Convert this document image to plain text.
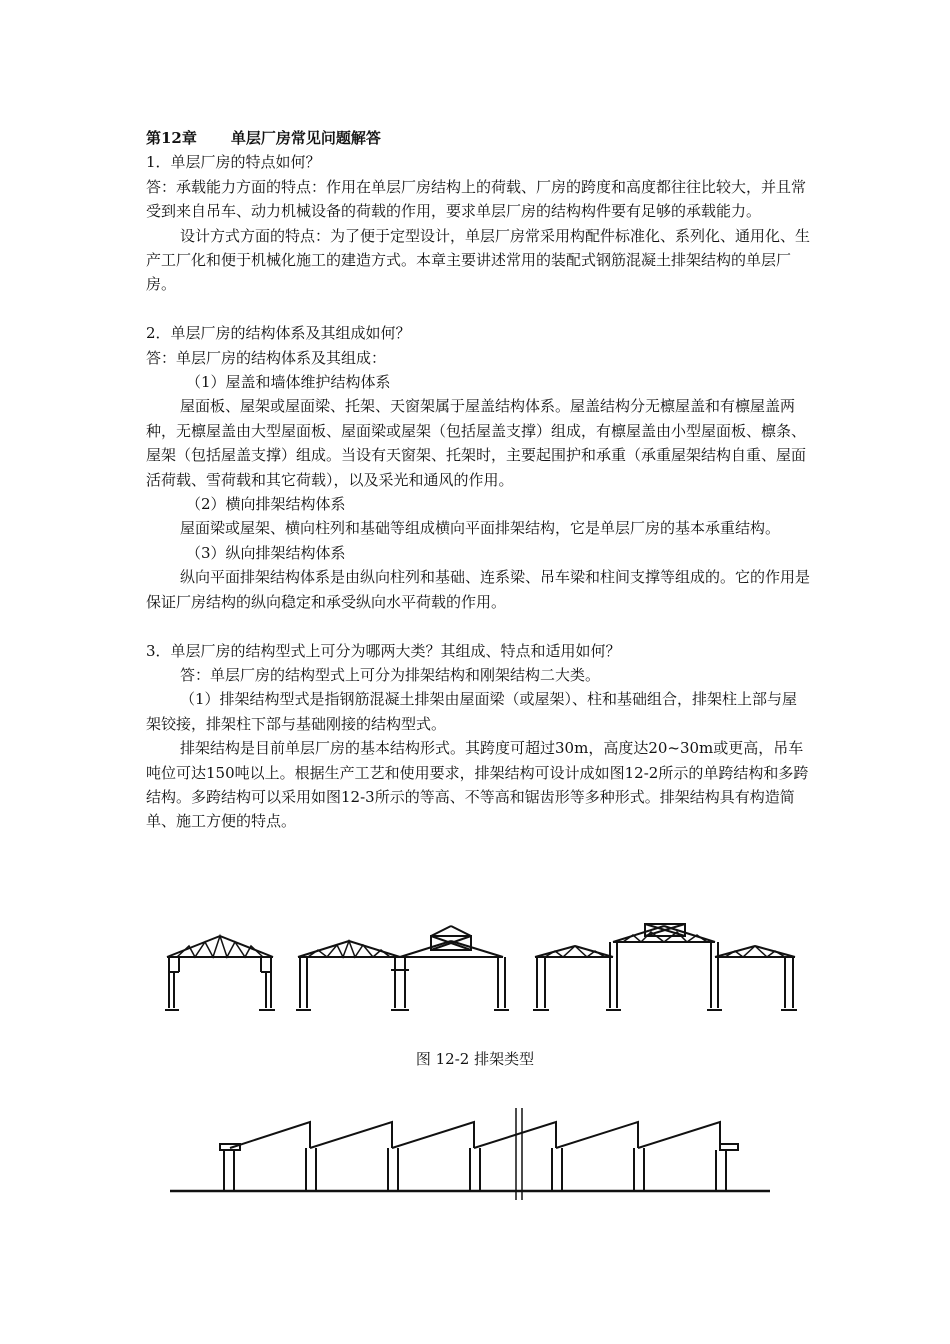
第12章 单层厂房常见问题解答

1．单层厂房的特点如何？

答：承载能力方面的特点：作用在单层厂房结构上的荷载、厂房的跨度和高度都往往比较大，并且常受到来自吊车、动力机械设备的荷载的作用，要求单层厂房的结构构件要有足够的承载能力。

设计方式方面的特点：为了便于定型设计，单层厂房常采用构配件标准化、系列化、通用化、生产工厂化和便于机械化施工的建造方式。本章主要讲述常用的装配式钢筋混凝土排架结构的单层厂房。

2．单层厂房的结构体系及其组成如何？

答：单层厂房的结构体系及其组成：

（1）屋盖和墙体维护结构体系

屋面板、屋架或屋面梁、托架、天窗架属于屋盖结构体系。屋盖结构分无檩屋盖和有檩屋盖两种，无檩屋盖由大型屋面板、屋面梁或屋架（包括屋盖支撑）组成，有檩屋盖由小型屋面板、檩条、屋架（包括屋盖支撑）组成。当设有天窗架、托架时，主要起围护和承重（承重屋架结构自重、屋面活荷载、雪荷载和其它荷载），以及采光和通风的作用。

（2）横向排架结构体系

屋面梁或屋架、横向柱列和基础等组成横向平面排架结构，它是单层厂房的基本承重结构。

（3）纵向排架结构体系

纵向平面排架结构体系是由纵向柱列和基础、连系梁、吊车梁和柱间支撑等组成的。它的作用是保证厂房结构的纵向稳定和承受纵向水平荷载的作用。

3．单层厂房的结构型式上可分为哪两大类？其组成、特点和适用如何？

答：单层厂房的结构型式上可分为排架结构和刚架结构二大类。

（1）排架结构型式是指钢筋混凝土排架由屋面梁（或屋架）、柱和基础组合，排架柱上部与屋架铰接，排架柱下部与基础刚接的结构型式。

排架结构是目前单层厂房的基本结构形式。其跨度可超过30m，高度达20~30m或更高，吊车吨位可达150吨以上。根据生产工艺和使用要求，排架结构可设计成如图12-2所示的单跨结构和多跨结构。多跨结构可以采用如图12-3所示的等高、不等高和锯齿形等多种形式。排架结构具有构造简单、施工方便的特点。

图 12-2 排架类型
